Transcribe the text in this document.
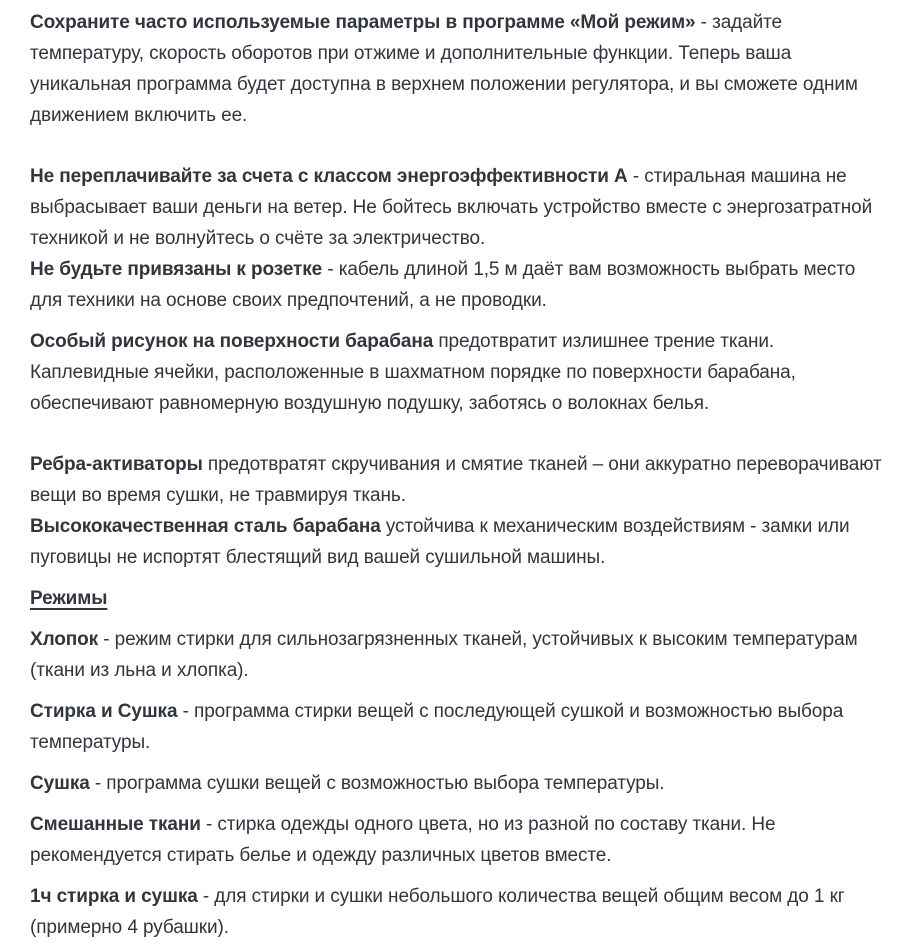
Сохраните часто используемые параметры в программе «Мой режим» - задайте температуру, скорость оборотов при отжиме и дополнительные функции. Теперь ваша уникальная программа будет доступна в верхнем положении регулятора, и вы сможете одним движением включить ее.

Не переплачивайте за счета с классом энергоэффективности А - стиральная машина не выбрасывает ваши деньги на ветер. Не бойтесь включать устройство вместе с энергозатратной техникой и не волнуйтесь о счёте за электричество.

Не будьте привязаны к розетке - кабель длиной 1,5 м даёт вам возможность выбрать место для техники на основе своих предпочтений, а не проводки.

Особый рисунок на поверхности барабана предотвратит излишнее трение ткани. Каплевидные ячейки, расположенные в шахматном порядке по поверхности барабана, обеспечивают равномерную воздушную подушку, заботясь о волокнах белья.

Ребра-активаторы предотвратят скручивания и смятие тканей – они аккуратно переворачивают вещи во время сушки, не травмируя ткань.

Высококачественная сталь барабана устойчива к механическим воздействиям - замки или пуговицы не испортят блестящий вид вашей сушильной машины.

Режимы

Хлопок - режим стирки для сильнозагрязненных тканей, устойчивых к высоким температурам (ткани из льна и хлопка).

Стирка и Сушка - программа стирки вещей с последующей сушкой и возможностью выбора температуры.

Сушка - программа сушки вещей с возможностью выбора температуры.

Смешанные ткани - стирка одежды одного цвета, но из разной по составу ткани. Не рекомендуется стирать белье и одежду различных цветов вместе.

1ч стирка и сушка - для стирки и сушки небольшого количества вещей общим весом до 1 кг (примерно 4 рубашки).
